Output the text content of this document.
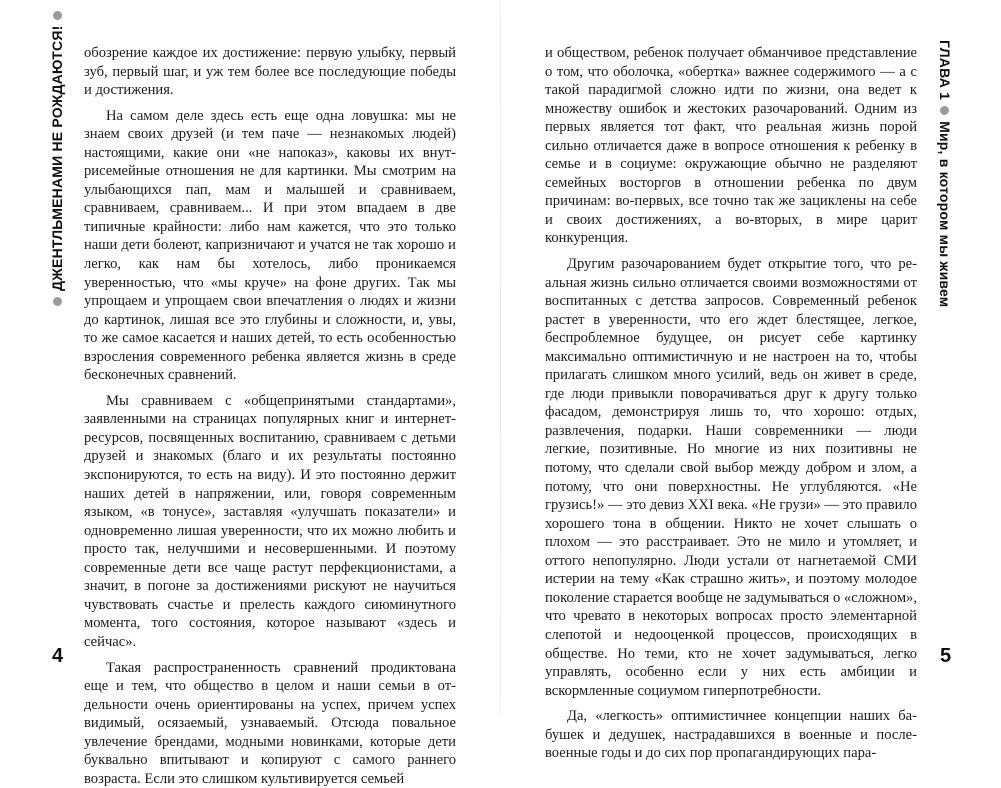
ДЖЕНТЛЬМЕНАМИ НЕ РОЖДАЮТСЯ! обозрение каждое их достижение: первую улыбку, первый зуб, первый шаг, и уж тем более все последующие победы и достижения.

На самом деле здесь есть еще одна ловушка: мы не знаем своих друзей (и тем паче — незнакомых людей) настоящими, какие они «не напоказ», каковы их внутрисемейные отношения не для картинки. Мы смотрим на улыбающихся пап, мам и малышей и сравниваем, сравниваем, сравниваем... И при этом впадаем в две типичные крайности: либо нам кажется, что это только наши дети болеют, капризничают и учатся не так хорошо и легко, как нам бы хотелось, либо проникаемся уверенностью, что «мы круче» на фоне других. Так мы упрощаем и упрощаем свои впечатления о людях и жизни до картинок, лишая все это глубины и сложности, и, увы, то же самое касается и наших детей, то есть особенностью взросления современного ребенка является жизнь в среде бесконечных сравнений.

Мы сравниваем с «общепринятыми стандартами», заявленными на страницах популярных книг и интернет-ресурсов, посвященных воспитанию, сравниваем с детьми друзей и знакомых (благо и их результаты постоянно экспонируются, то есть на виду). И это постоянно держит наших детей в напряжении, или, говоря современным языком, «в тонусе», заставляя «улучшать показатели» и одновременно лишая уверенности, что их можно любить и просто так, нелучшими и несовершенными. И поэтому современные дети все чаще растут перфекционистами, а значит, в погоне за достижениями рискуют не научиться чувствовать счастье и прелесть каждого сиюминутного момента, того состояния, которое называют «здесь и сейчас».

Такая распространенность сравнений продиктована еще и тем, что общество в целом и наши семьи в отдельности очень ориентированы на успех, причем успех видимый, осязаемый, узнаваемый. Отсюда повальное увлечение брендами, модными новинками, которые дети буквально впитывают и копируют с самого раннего возраста. Если это слишком культивируется семьей

4

и обществом, ребенок получает обманчивое представление о том, что оболочка, «обертка» важнее содержимого — а с такой парадигмой сложно идти по жизни, она ведет к множеству ошибок и жестоких разочарований. Одним из первых является тот факт, что реальная жизнь порой сильно отличается даже в вопросе отношения к ребенку в семье и в социуме: окружающие обычно не разделяют семейных восторгов в отношении ребенка по двум причинам: во-первых, все точно так же зациклены на себе и своих достижениях, а во-вторых, в мире царит конкуренция.

Другим разочарованием будет открытие того, что реальная жизнь сильно отличается своими возможностями от воспитанных с детства запросов. Современный ребенок растет в уверенности, что его ждет блестящее, легкое, беспроблемное будущее, он рисует себе картинку максимально оптимистичную и не настроен на то, чтобы прилагать слишком много усилий, ведь он живет в среде, где люди привыкли поворачиваться друг к другу только фасадом, демонстрируя лишь то, что хорошо: отдых, развлечения, подарки. Наши современники — люди легкие, позитивные. Но многие из них позитивны не потому, что сделали свой выбор между добром и злом, а потому, что они поверхностны. Не углубляются. «Не грузись!» — это девиз XXI века. «Не грузи» — это правило хорошего тона в общении. Никто не хочет слышать о плохом — это расстраивает. Это не мило и утомляет, и оттого непопулярно. Люди устали от нагнетаемой СМИ истерии на тему «Как страшно жить», и поэтому молодое поколение старается вообще не задумываться о «сложном», что чревато в некоторых вопросах просто элементарной слепотой и недооценкой процессов, происходящих в обществе. Но теми, кто не хочет задумываться, легко управлять, особенно если у них есть амбиции и вскормленные социумом гиперпотребности.

Да, «легкость» оптимистичнее концепции наших бабушек и дедушек, настрадавшихся в военные и послевоенные годы и до сих пор пропагандирующих пара-

ГЛАВА 1Мир, в котором мы живем
5
